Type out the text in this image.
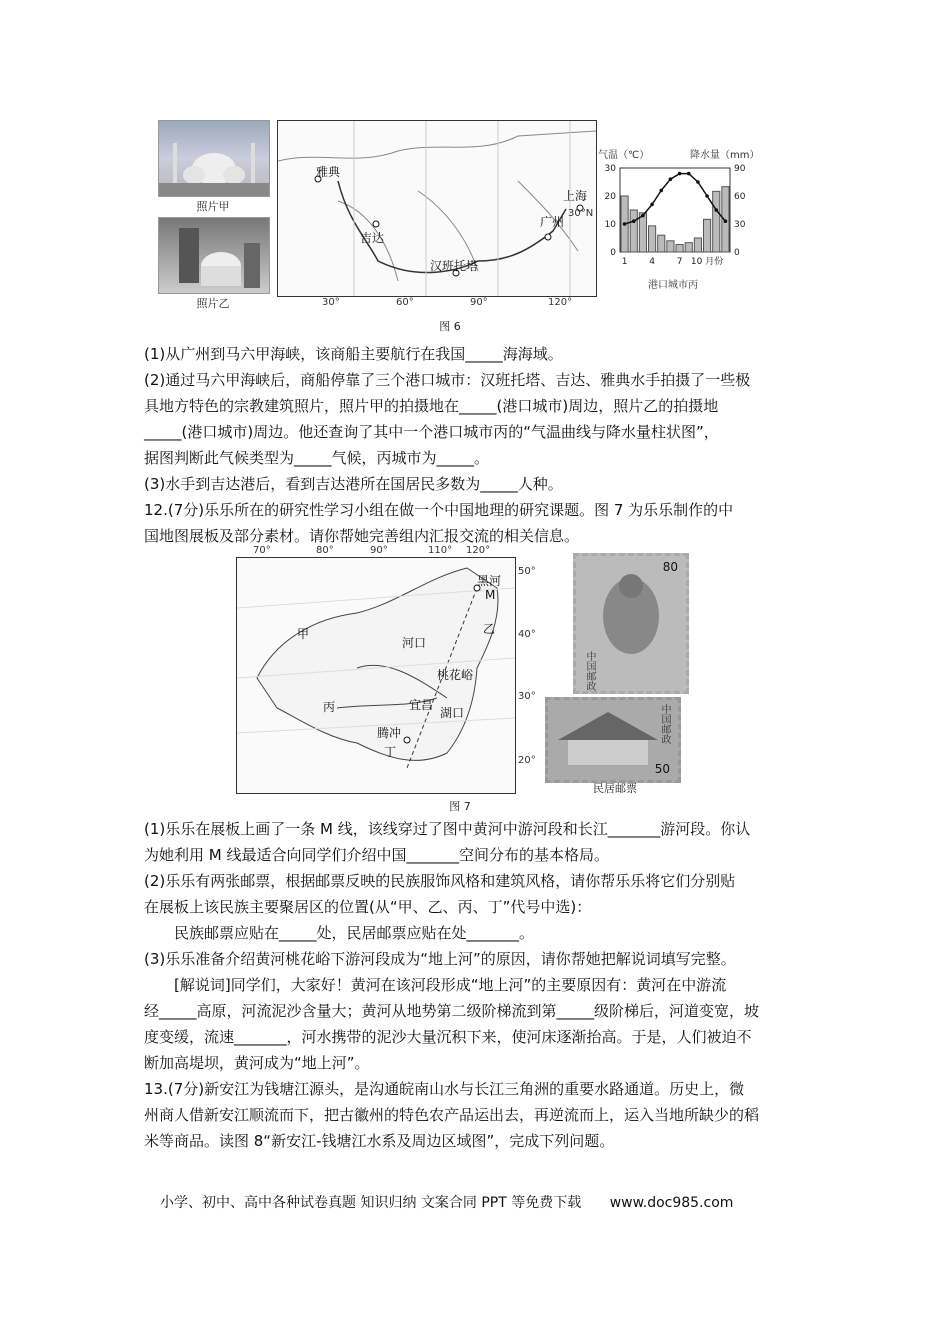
照片甲
照片乙
雅典
吉达
汉班托塔
上海
广州
30°N
30°	60°	90°	120°
气温（℃）	降水量（mm）
30
20
10
0
90
60
30
0
1 4 7 10 月份
港口城市丙
图 6
(1)从广州到马六甲海峡，该商船主要航行在我国_____海海域。
(2)通过马六甲海峡后，商船停靠了三个港口城市：汉班托塔、吉达、雅典水手拍摄了一些极
具地方特色的宗教建筑照片，照片甲的拍摄地在_____(港口城市)周边，照片乙的拍摄地
_____(港口城市)周边。他还查询了其中一个港口城市丙的“气温曲线与降水量柱状图”，
据图判断此气候类型为_____气候，丙城市为_____。
(3)水手到吉达港后，看到吉达港所在国居民多数为_____人种。
12.(7分)乐乐所在的研究性学习小组在做一个中国地理的研究课题。图 7 为乐乐制作的中
国地图展板及部分素材。请你帮她完善组内汇报交流的相关信息。
70°	80°	90°	110° 120°
黑河
M
乙
甲
河口
桃花峪
丙	宜昌
湖口
腾冲
丁
50°
40°
30°
20°
80
中国邮政
50
中国邮政
民居邮票
图 7
(1)乐乐在展板上画了一条 M 线，该线穿过了图中黄河中游河段和长江_______游河段。你认
为她利用 M 线最适合向同学们介绍中国_______空间分布的基本格局。
(2)乐乐有两张邮票，根据邮票反映的民族服饰风格和建筑风格，请你帮乐乐将它们分别贴
在展板上该民族主要聚居区的位置(从“甲、乙、丙、丁”代号中选)：
民族邮票应贴在_____处，民居邮票应贴在处_______。
(3)乐乐准备介绍黄河桃花峪下游河段成为“地上河”的原因，请你帮她把解说词填写完整。
[解说词]同学们，大家好！黄河在该河段形成“地上河”的主要原因有：黄河在中游流
经_____高原，河流泥沙含量大；黄河从地势第二级阶梯流到第_____级阶梯后，河道变宽，坡
度变缓，流速_______，河水携带的泥沙大量沉积下来，使河床逐渐抬高。于是，人们被迫不
断加高堤坝，黄河成为“地上河”。
13.(7分)新安江为钱塘江源头，是沟通皖南山水与长江三角洲的重要水路通道。历史上，微
州商人借新安江顺流而下，把古徽州的特色农产品运出去，再逆流而上，运入当地所缺少的稻
米等商品。读图 8“新安江-钱塘江水系及周边区域图”，完成下列问题。
小学、初中、高中各种试卷真题 知识归纳 文案合同 PPT 等免费下载 www.doc985.com
